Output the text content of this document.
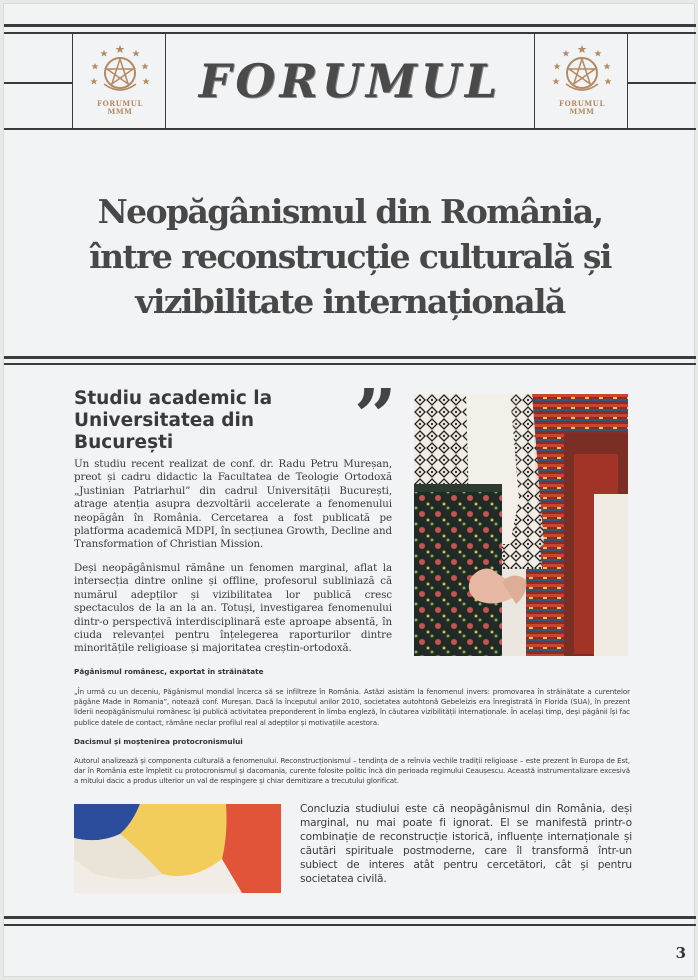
FORUMUL
MMM
FORUMUL	FORUMUL
MMM
Neopăgânismul din România, între reconstrucție culturală și vizibilitate internațională
Studiu academic la Universitatea din București	”

Un studiu recent realizat de conf. dr. Radu Petru Mureșan, preot și cadru didactic la Facultatea de Teologie Ortodoxă „Justinian Patriarhul” din cadrul Universității București, atrage atenția asupra dezvoltării accelerate a fenomenului neopăgân în România. Cercetarea a fost publicată pe platforma academică MDPI, în secțiunea Growth, Decline and Transformation of Christian Mission.

Deși neopăgânismul rămâne un fenomen marginal, aflat la intersecția dintre online și offline, profesorul subliniază că numărul adepților și vizibilitatea lor publică cresc spectaculos de la an la an. Totuși, investigarea fenomenului dintr-o perspectivă interdisciplinară este aproape absentă, în ciuda relevanței pentru înțelegerea raporturilor dintre minoritățile religioase și majoritatea creștin-ortodoxă.

Păgânismul românesc, exportat în străinătate

„În urmă cu un deceniu, Păgânismul mondial încerca să se infiltreze în România. Astăzi asistăm la fenomenul invers: promovarea în străinătate a curentelor păgâne Made in Romania”, notează conf. Mureșan. Dacă la începutul anilor 2010, societatea autohtonă Gebeleizis era înregistrată în Florida (SUA), în prezent liderii neopăgânismului românesc își publică activitatea preponderent în limba engleză, în căutarea vizibilității internaționale. În același timp, deși păgânii își fac publice datele de contact, rămâne neclar profilul real al adepților și motivațiile acestora.

Dacismul și moștenirea protocronismului

Autorul analizează și componenta culturală a fenomenului. Reconstrucționismul – tendința de a reînvia vechile tradiții religioase – este prezent în Europa de Est, dar în România este împletit cu protocronismul și dacomania, curente folosite politic încă din perioada regimului Ceaușescu. Această instrumentalizare excesivă a mitului dacic a produs ulterior un val de respingere și chiar demitizare a trecutului glorificat.

Concluzia studiului este că neopăgânismul din România, deși marginal, nu mai poate fi ignorat. El se manifestă printr-o combinație de reconstrucție istorică, influențe internaționale și căutări spirituale postmoderne, care îl transformă într-un subiect de interes atât pentru cercetători, cât și pentru societatea civilă.

3
